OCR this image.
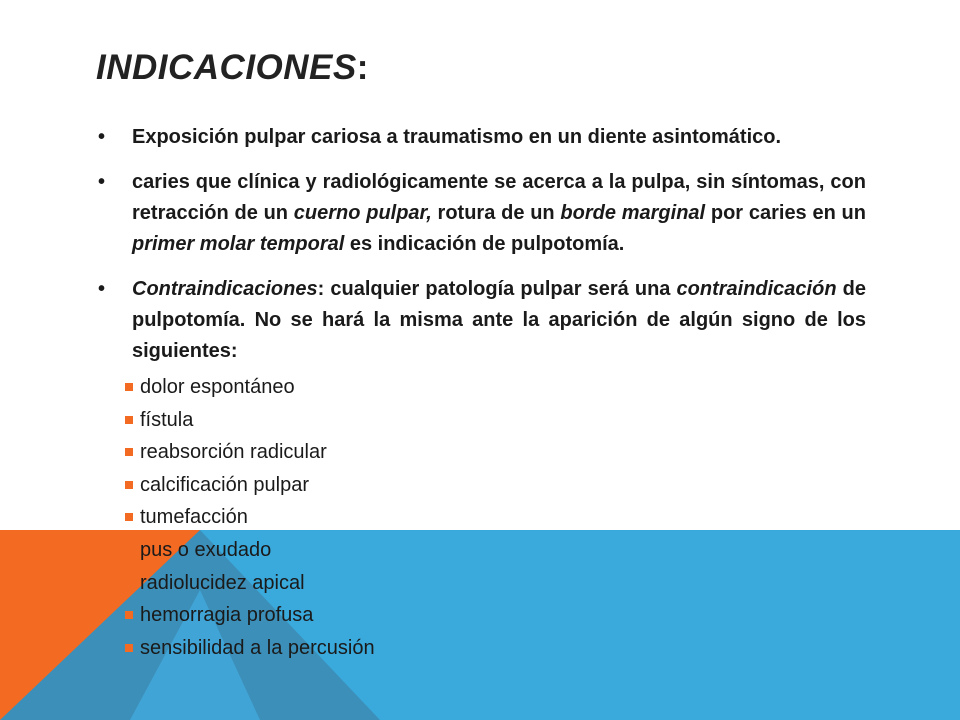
INDICACIONES:

• Exposición pulpar cariosa a traumatismo en un diente asintomático.

• caries que clínica y radiológicamente se acerca a la pulpa, sin síntomas, con retracción de un cuerno pulpar, rotura de un borde marginal por caries en un primer molar temporal es indicación de pulpotomía.

• Contraindicaciones: cualquier patología pulpar será una contraindicación de pulpotomía. No se hará la misma ante la aparición de algún signo de los siguientes:

dolor espontáneo
fístula
reabsorción radicular
calcificación pulpar
tumefacción
pus o exudado
radiolucidez apical
hemorragia profusa
sensibilidad a la percusión
